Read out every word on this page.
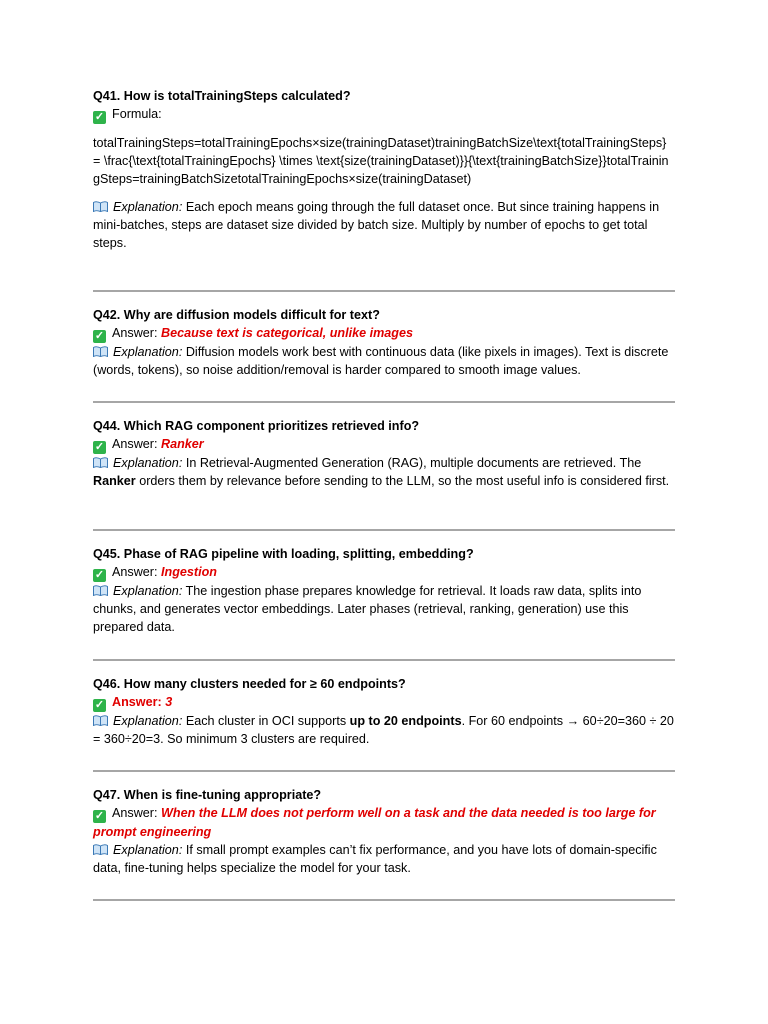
Q41. How is totalTrainingSteps calculated?

✓ Formula:

totalTrainingSteps=totalTrainingEpochs×size(trainingDataset)trainingBatchSize\text{totalTrainingSteps} = \frac{\text{totalTrainingEpochs} \times \text{size(trainingDataset)}}{\text{trainingBatchSize}}totalTrainingSteps=trainingBatchSizetotalTrainingEpochs×size(trainingDataset)

Explanation: Each epoch means going through the full dataset once. But since training happens in mini-batches, steps are dataset size divided by batch size. Multiply by number of epochs to get total steps.

Q42. Why are diffusion models difficult for text?

✓ Answer: Because text is categorical, unlike images

Explanation: Diffusion models work best with continuous data (like pixels in images). Text is discrete (words, tokens), so noise addition/removal is harder compared to smooth image values.

Q44. Which RAG component prioritizes retrieved info?

✓ Answer: Ranker

Explanation: In Retrieval-Augmented Generation (RAG), multiple documents are retrieved. The Ranker orders them by relevance before sending to the LLM, so the most useful info is considered first.

Q45. Phase of RAG pipeline with loading, splitting, embedding?

✓ Answer: Ingestion

Explanation: The ingestion phase prepares knowledge for retrieval. It loads raw data, splits into chunks, and generates vector embeddings. Later phases (retrieval, ranking, generation) use this prepared data.

Q46. How many clusters needed for ≥ 60 endpoints?

✓ Answer: 3

Explanation: Each cluster in OCI supports up to 20 endpoints. For 60 endpoints → 60÷20=360 ÷ 20 = 360÷20=3. So minimum 3 clusters are required.

Q47. When is fine-tuning appropriate?

✓ Answer: When the LLM does not perform well on a task and the data needed is too large for prompt engineering

Explanation: If small prompt examples can’t fix performance, and you have lots of domain-specific data, fine-tuning helps specialize the model for your task.
